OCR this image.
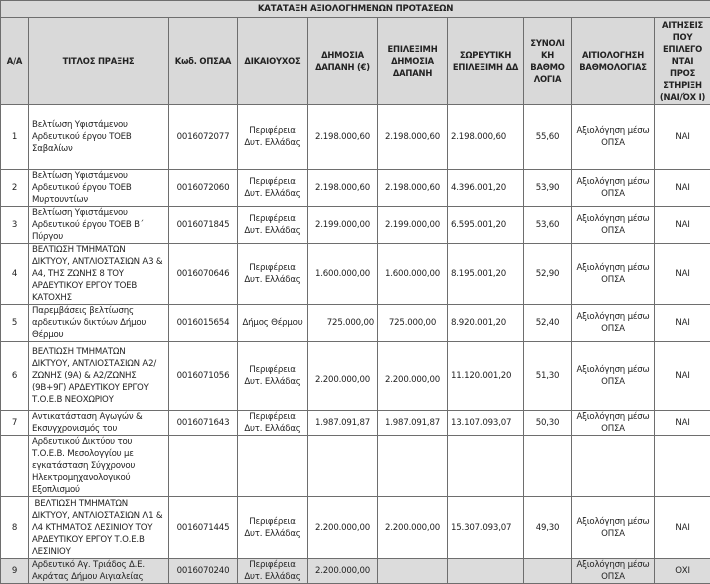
ΚΑΤΑΤΑΞΗ ΑΞΙΟΛΟΓΗΜΕΝΩΝ ΠΡΟΤΑΣΕΩΝ									
Α/Α	ΤΙΤΛΟΣ ΠΡΑΞΗΣ	Κωδ. ΟΠΣΑΑ	ΔΙΚΑΙΟΥΧΟΣ	ΔΗΜΟΣΙΑ ΔΑΠΑΝΗ (€)	ΕΠΙΛΕΞΙΜΗ ΔΗΜΟΣΙΑ ΔΑΠΑΝΗ	ΣΩΡΕΥΤΙΚΗ ΕΠΙΛΕΞΙΜΗ ΔΔ	ΣΥΝΟΛΙ ΚΗ ΒΑΘΜΟ ΛΟΓΙΑ	ΑΙΤΙΟΛΟΓΗΣΗ ΒΑΘΜΟΛΟΓΙΑΣ	ΑΙΤΗΣΕΙΣ ΠΟΥ ΕΠΙΛΕΓΟ ΝΤΑΙ ΠΡΟΣ ΣΤΗΡΙΞΗ (ΝΑΙ/ΌΧ Ι)
1	Βελτίωση Υφιστάμενου Αρδευτικού έργου ΤΟΕΒ Σαβαλίων	0016072077	Περιφέρεια Δυτ. Ελλάδας	2.198.000,60	2.198.000,60	2.198.000,60	55,60	Αξιολόγηση μέσω ΟΠΣΑ	ΝΑΙ
2	Βελτίωση Υφιστάμενου Αρδευτικού έργου ΤΟΕΒ Μυρτουντίων	0016072060	Περιφέρεια Δυτ. Ελλάδας	2.198.000,60	2.198.000,60	4.396.001,20	53,90	Αξιολόγηση μέσω ΟΠΣΑ	ΝΑΙ
3	Βελτίωση Υφιστάμενου Αρδευτικού έργου ΤΟΕΒ Β΄ Πύργου	0016071845	Περιφέρεια Δυτ. Ελλάδας	2.199.000,00	2.199.000,00	6.595.001,20	53,60	Αξιολόγηση μέσω ΟΠΣΑ	ΝΑΙ
4	ΒΕΛΤΙΩΣΗ ΤΜΗΜΑΤΩΝ ΔΙΚΤΥΟΥ, ΑΝΤΛΙΟΣΤΑΣΙΩΝ Α3 & Α4, ΤΗΣ ΖΩΝΗΣ 8 ΤΟΥ ΑΡΔΕΥΤΙΚΟΥ ΕΡΓΟΥ ΤΟΕΒ ΚΑΤΟΧΗΣ	0016070646	Περιφέρεια Δυτ. Ελλάδας	1.600.000,00	1.600.000,00	8.195.001,20	52,90	Αξιολόγηση μέσω ΟΠΣΑ	ΝΑΙ
5	Παρεμβάσεις βελτίωσης αρδευτικών δικτύων Δήμου Θέρμου	0016015654	Δήμος Θέρμου	725.000,00	725.000,00	8.920.001,20	52,40	Αξιολόγηση μέσω ΟΠΣΑ	ΝΑΙ
6	ΒΕΛΤΙΩΣΗ ΤΜΗΜΑΤΩΝ ΔΙΚΤΥΟΥ, ΑΝΤΛΙΟΣΤΑΣΙΩΝ Α2/ΖΩΝΗΣ (9Α) & Α2/ΖΩΝΗΣ (9Β+9Γ) ΑΡΔΕΥΤΙΚΟΥ ΕΡΓΟΥ Τ.Ο.Ε.Β ΝΕΟΧΩΡΙΟΥ	0016071056	Περιφέρεια Δυτ. Ελλάδας	2.200.000,00	2.200.000,00	11.120.001,20	51,30	Αξιολόγηση μέσω ΟΠΣΑ	ΝΑΙ
7	Αντικατάσταση Αγωγών & Εκσυγχρονισμός του	0016071643	Περιφέρεια Δυτ. Ελλάδας	1.987.091,87	1.987.091,87	13.107.093,07	50,30	Αξιολόγηση μέσω ΟΠΣΑ	ΝΑΙ
	Αρδευτικού Δικτύου του Τ.Ο.Ε.Β. Μεσολογγίου με εγκατάσταση Σύγχρονου Ηλεκτρομηχανολογικού Εξοπλισμού								
8	ΒΕΛΤΙΩΣΗ ΤΜΗΜΑΤΩΝ ΔΙΚΤΥΟΥ, ΑΝΤΛΙΟΣΤΑΣΙΩΝ Λ1 & Λ4 ΚΤΗΜΑΤΟΣ ΛΕΣΙΝΙΟΥ ΤΟΥ ΑΡΔΕΥΤΙΚΟΥ ΕΡΓΟΥ Τ.Ο.Ε.Β ΛΕΣΙΝΙΟΥ	0016071445	Περιφέρεια Δυτ. Ελλάδας	2.200.000,00	2.200.000,00	15.307.093,07	49,30	Αξιολόγηση μέσω ΟΠΣΑ	ΝΑΙ
9	Αρδευτικό Αγ. Τριάδος Δ.Ε. Ακράτας Δήμου Αιγιαλείας	0016070240	Περιφέρεια Δυτ. Ελλάδας	2.200.000,00				Αξιολόγηση μέσω ΟΠΣΑ	ΟΧΙ
